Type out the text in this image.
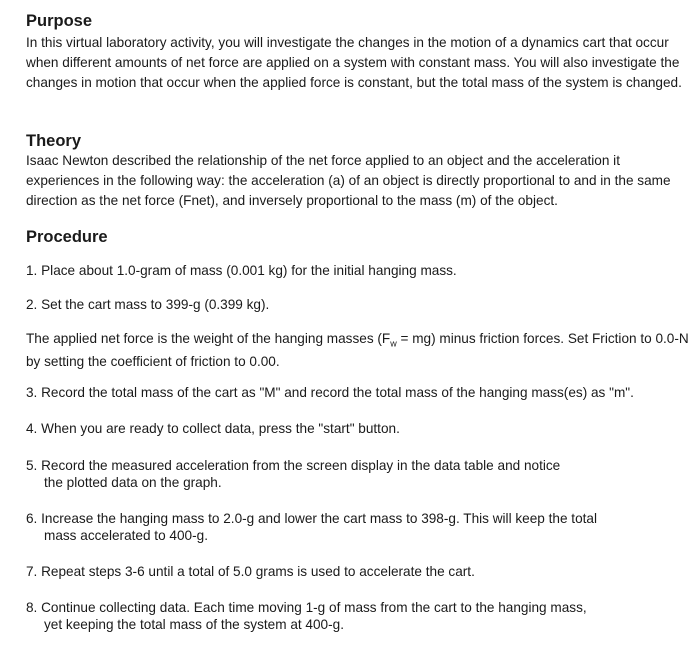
Purpose
In this virtual laboratory activity, you will investigate the changes in the motion of a dynamics cart that occur when different amounts of net force are applied on a system with constant mass. You will also investigate the changes in motion that occur when the applied force is constant, but the total mass of the system is changed.
Theory
Isaac Newton described the relationship of the net force applied to an object and the acceleration it experiences in the following way: the acceleration (a) of an object is directly proportional to and in the same direction as the net force (Fnet), and inversely proportional to the mass (m) of the object.
Procedure
1. Place about 1.0-gram of mass (0.001 kg) for the initial hanging mass.
2. Set the cart mass to 399-g (0.399 kg).
The applied net force is the weight of the hanging masses $(F_w = mg)$ minus friction forces. Set Friction to 0.0-N by setting the coefficient of friction to 0.00.
3. Record the total mass of the cart as "M" and record the total mass of the hanging mass(es) as "m".
4. When you are ready to collect data, press the "start" button.
5. Record the measured acceleration from the screen display in the data table and notice
the plotted data on the graph.
6. Increase the hanging mass to 2.0-g and lower the cart mass to 398-g. This will keep the total
mass accelerated to 400-g.
7. Repeat steps 3-6 until a total of 5.0 grams is used to accelerate the cart.
8. Continue collecting data. Each time moving 1-g of mass from the cart to the hanging mass,
yet keeping the total mass of the system at 400-g.
